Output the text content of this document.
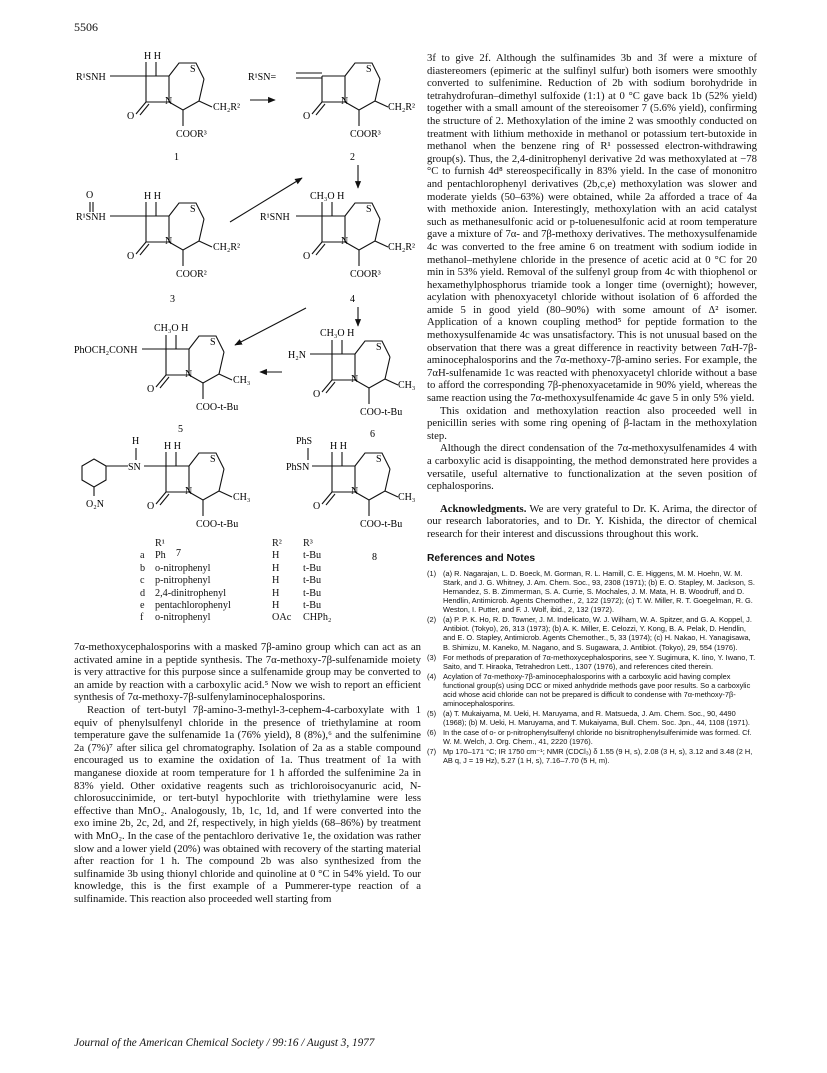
5506
H H
R¹SNH
S
N
O
CH₂R²
COOR³
1
R¹SN=
S
N
O
CH₂R²
COOR³
2
O	H H
R¹SNH
S
N
O
CH₂R²
COOR²
3
CH₃O H
R¹SNH
S
N
O
CH₂R²
COOR³
4
CH₃O H
PhOCH₂CONH
S
N
O
CH₃
COO-t-Bu
5
CH₃O H
H₂N
S
N
O
CH₃
COO-t-Bu
6
H H H
SN
O₂N
S
N
O
CH₃
COO-t-Bu
7
PhS H H
PhSN
S
N
O
CH₃
COO-t-Bu
8
	R¹	R²	R³
a	Ph	H	t-Bu
b	o-nitrophenyl	H	t-Bu
c	p-nitrophenyl	H	t-Bu
d	2,4-dinitrophenyl	H	t-Bu
e	pentachlorophenyl	H	t-Bu
f	o-nitrophenyl	OAc	CHPh₂

7α-methoxycephalosporins with a masked 7β-amino group which can act as an activated amine in a peptide synthesis. The 7α-methoxy-7β-sulfenamide moiety is very attractive for this purpose since a sulfenamide group may be converted to an amide by reaction with a carboxylic acid.⁵ Now we wish to report an efficient synthesis of 7α-methoxy-7β-sulfenylaminocephalosporins.

Reaction of tert-butyl 7β-amino-3-methyl-3-cephem-4-carboxylate with 1 equiv of phenylsulfenyl chloride in the presence of triethylamine at room temperature gave the sulfenamide 1a (76% yield), 8 (8%),⁶ and the sulfenimine 2a (7%)⁷ after silica gel chromatography. Isolation of 2a as a stable compound encouraged us to examine the oxidation of 1a. Thus treatment of 1a with manganese dioxide at room temperature for 1 h afforded the sulfenimine 2a in 83% yield. Other oxidative reagents such as trichloroisocyanuric acid, N-chlorosuccinimide, or tert-butyl hypochlorite with triethylamine were less effective than MnO₂. Analogously, 1b, 1c, 1d, and 1f were converted into the exo imine 2b, 2c, 2d, and 2f, respectively, in high yields (68–86%) by treatment with MnO₂. In the case of the pentachloro derivative 1e, the oxidation was rather slow and a lower yield (20%) was obtained with recovery of the starting material after reaction for 1 h. The compound 2b was also synthesized from the sulfinamide 3b using thionyl chloride and quinoline at 0 °C in 54% yield. To our knowledge, this is the first example of a Pummerer-type reaction of a sulfinamide. This reaction also proceeded well starting from

3f to give 2f. Although the sulfinamides 3b and 3f were a mixture of diastereomers (epimeric at the sulfinyl sulfur) both isomers were smoothly converted to sulfenimine. Reduction of 2b with sodium borohydride in tetrahydrofuran–dimethyl sulfoxide (1:1) at 0 °C gave back 1b (52% yield) together with a small amount of the stereoisomer 7 (5.6% yield), confirming the structure of 2. Methoxylation of the imine 2 was smoothly conducted on treatment with lithium methoxide in methanol or potassium tert-butoxide in methanol when the benzene ring of R¹ possessed electron-withdrawing group(s). Thus, the 2,4-dinitrophenyl derivative 2d was methoxylated at −78 °C to furnish 4d⁸ stereospecifically in 83% yield. In the case of mononitro and pentachlorophenyl derivatives (2b,c,e) methoxylation was slower and moderate yields (50–63%) were obtained, while 2a afforded a trace of 4a with methoxide anion. Interestingly, methoxylation with an acid catalyst such as methanesulfonic acid or p-toluenesulfonic acid at room temperature gave a mixture of 7α- and 7β-methoxy derivatives. The methoxysulfenamide 4c was converted to the free amine 6 on treatment with sodium iodide in methanol–methylene chloride in the presence of acetic acid at 0 °C for 20 min in 53% yield. Removal of the sulfenyl group from 4c with thiophenol or hexamethylphosphorus triamide took a longer time (overnight); however, acylation with phenoxyacetyl chloride without isolation of 6 afforded the amide 5 in good yield (80–90%) with some amount of Δ² isomer. Application of a known coupling method⁵ for peptide formation to the methoxysulfenamide 4c was unsatisfactory. This is not unusual based on the observation that there was a great difference in reactivity between 7αH-7β-aminocephalosporins and the 7α-methoxy-7β-amino series. For example, the 7αH-sulfenamide 1c was reacted with phenoxyacetyl chloride without a base to afford the corresponding 7β-phenoxyacetamide in 90% yield, whereas the same reaction using the 7α-methoxysulfenamide 4c gave 5 in only 5% yield.

This oxidation and methoxylation reaction also proceeded well in penicillin series with some ring opening of β-lactam in the methoxylation step.

Although the direct condensation of the 7α-methoxysulfenamides 4 with a carboxylic acid is disappointing, the method demonstrated here provides a versatile, useful alternative to functionalization at the seven position of cephalosporins.

Acknowledgments. We are very grateful to Dr. K. Arima, the director of our research laboratories, and to Dr. Y. Kishida, the director of chemical research for their interest and discussions throughout this work.

References and Notes
(1) (a) R. Nagarajan, L. D. Boeck, M. Gorman, R. L. Hamill, C. E. Higgens, M. M. Hoehn, W. M. Stark, and J. G. Whitney, J. Am. Chem. Soc., 93, 2308 (1971); (b) E. O. Stapley, M. Jackson, S. Hernandez, S. B. Zimmerman, S. A. Currie, S. Mochales, J. M. Mata, H. B. Woodruff, and D. Hendlin, Antimicrob. Agents Chemother., 2, 122 (1972); (c) T. W. Miller, R. T. Goegelman, R. G. Weston, I. Putter, and F. J. Wolf, ibid., 2, 132 (1972).
(2) (a) P. P. K. Ho, R. D. Towner, J. M. Indelicato, W. J. Wilham, W. A. Spitzer, and G. A. Koppel, J. Antibiot. (Tokyo), 26, 313 (1973); (b) A. K. Miller, E. Celozzi, Y. Kong, B. A. Pelak, D. Hendlin, and E. O. Stapley, Antimicrob. Agents Chemother., 5, 33 (1974); (c) H. Nakao, H. Yanagisawa, B. Shimizu, M. Kaneko, M. Nagano, and S. Sugawara, J. Antibiot. (Tokyo), 29, 554 (1976).
(3) For methods of preparation of 7α-methoxycephalosporins, see Y. Sugimura, K. Iino, Y. Iwano, T. Saito, and T. Hiraoka, Tetrahedron Lett., 1307 (1976), and references cited therein.
(4) Acylation of 7α-methoxy-7β-aminocephalosporins with a carboxylic acid having complex functional group(s) using DCC or mixed anhydride methods gave poor results. So a carboxylic acid whose acid chloride can not be prepared is difficult to condense with 7α-methoxy-7β-aminocephalosporins.
(5) (a) T. Mukaiyama, M. Ueki, H. Maruyama, and R. Matsueda, J. Am. Chem. Soc., 90, 4490 (1968); (b) M. Ueki, H. Maruyama, and T. Mukaiyama, Bull. Chem. Soc. Jpn., 44, 1108 (1971).
(6) In the case of o- or p-nitrophenylsulfenyl chloride no bisnitrophenylsulfenimide was formed. Cf. W. M. Welch, J. Org. Chem., 41, 2220 (1976).
(7) Mp 170–171 °C; IR 1750 cm⁻¹; NMR (CDCl₃) δ 1.55 (9 H, s), 2.08 (3 H, s), 3.12 and 3.48 (2 H, AB q, J = 19 Hz), 5.27 (1 H, s), 7.16–7.70 (5 H, m).
Journal of the American Chemical Society / 99:16 / August 3, 1977
